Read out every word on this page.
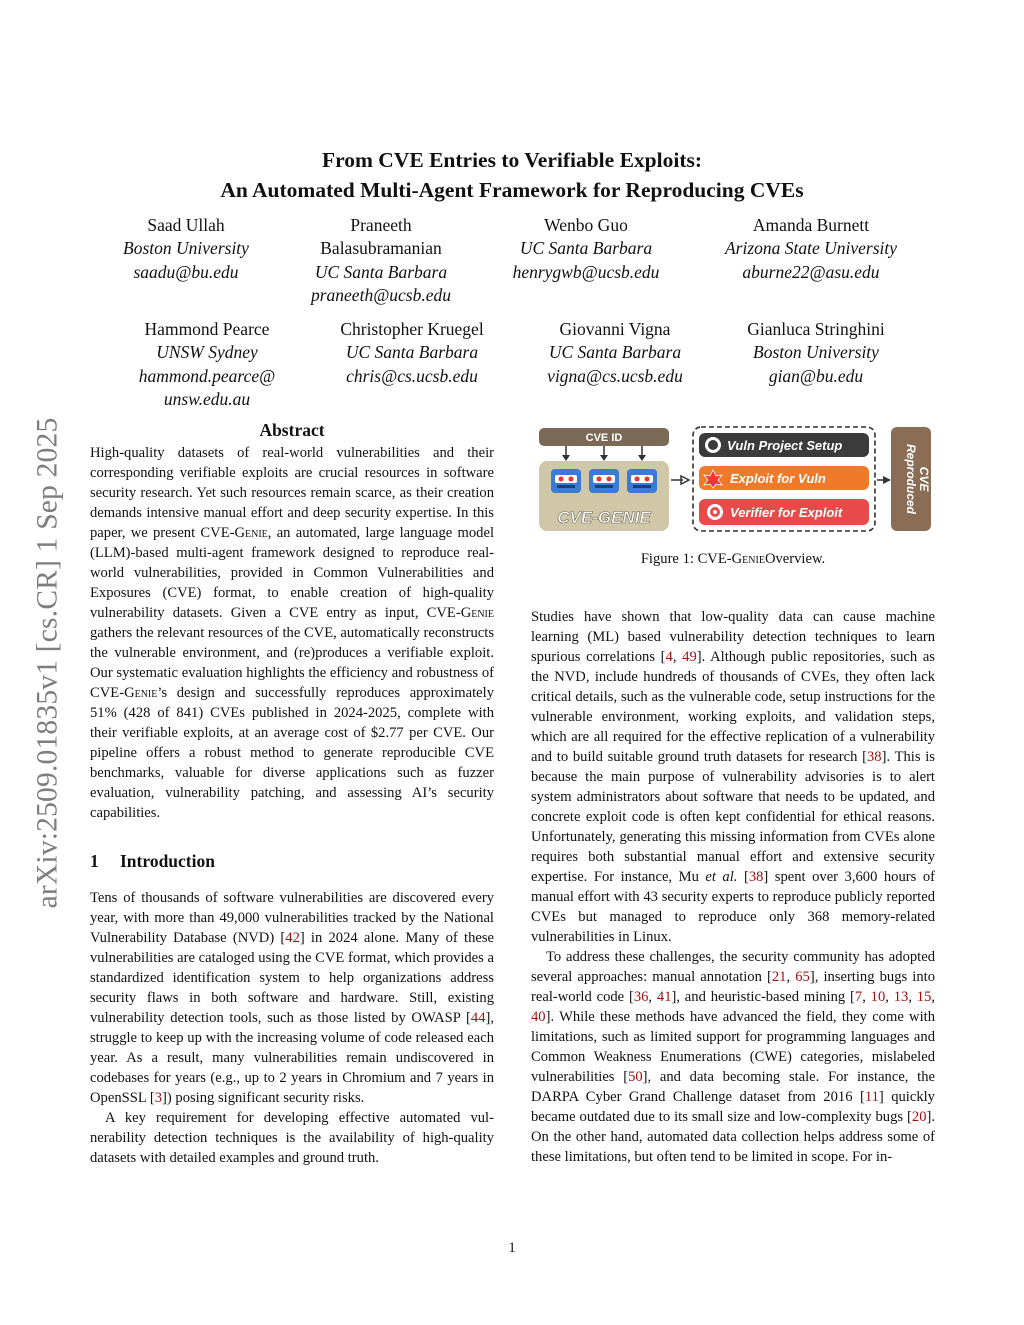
arXiv:2509.01835v1 [cs.CR] 1 Sep 2025
From CVE Entries to Verifiable Exploits:
An Automated Multi-Agent Framework for Reproducing CVEs
Saad Ullah
Boston University
saadu@bu.edu
Praneeth
Balasubramanian
UC Santa Barbara
praneeth@ucsb.edu
Wenbo Guo
UC Santa Barbara
henrygwb@ucsb.edu
Amanda Burnett
Arizona State University
aburne22@asu.edu
Hammond Pearce
UNSW Sydney
hammond.pearce@
unsw.edu.au
Christopher Kruegel
UC Santa Barbara
chris@cs.ucsb.edu
Giovanni Vigna
UC Santa Barbara
vigna@cs.ucsb.edu
Gianluca Stringhini
Boston University
gian@bu.edu
Abstract

High-quality datasets of real-world vulnerabilities and their corresponding verifiable exploits are crucial resources in software security research. Yet such resources remain scarce, as their creation demands intensive manual effort and deep security expertise. In this paper, we present CVE-Genie, an automated, large language model (LLM)-based multi-agent framework designed to reproduce real-world vulnerabilities, provided in Common Vulnerabilities and Exposures (CVE) format, to enable creation of high-quality vulnerability datasets. Given a CVE entry as input, CVE-Genie gathers the relevant resources of the CVE, automatically reconstructs the vulnerable environment, and (re)produces a verifiable exploit. Our systematic evaluation highlights the efficiency and robustness of CVE-Genie’s design and successfully reproduces approximately 51% (428 of 841) CVEs published in 2024-2025, complete with their verifiable exploits, at an average cost of $2.77 per CVE. Our pipeline offers a robust method to generate reproducible CVE benchmarks, valuable for diverse applications such as fuzzer evaluation, vulnerability patching, and assessing AI’s security capabilities.

1 Introduction

Tens of thousands of software vulnerabilities are discovered every year, with more than 49,000 vulnerabilities tracked by the National Vulnerability Database (NVD) [42] in 2024 alone. Many of these vulnerabilities are cataloged using the CVE format, which provides a standardized identification system to help organizations address security flaws in both software and hardware. Still, existing vulnerability detection tools, such as those listed by OWASP [44], struggle to keep up with the increasing volume of code released each year. As a result, many vulnerabilities remain undiscovered in codebases for years (e.g., up to 2 years in Chromium and 7 years in OpenSSL [3]) posing significant security risks.

A key requirement for developing effective automated vulnerability detection techniques is the availability of high-quality datasets with detailed examples and ground truth.

CVE ID
CVE-GENIE
Vuln Project Setup
Exploit for Vuln
Verifier for Exploit	Reproduced CVE
Figure 1: CVE-GenieOverview.

Studies have shown that low-quality data can cause machine learning (ML) based vulnerability detection techniques to learn spurious correlations [4, 49]. Although public repositories, such as the NVD, include hundreds of thousands of CVEs, they often lack critical details, such as the vulnerable code, setup instructions for the vulnerable environment, working exploits, and validation steps, which are all required for the effective replication of a vulnerability and to build suitable ground truth datasets for research [38]. This is because the main purpose of vulnerability advisories is to alert system administrators about software that needs to be updated, and concrete exploit code is often kept confidential for ethical reasons. Unfortunately, generating this missing information from CVEs alone requires both substantial manual effort and extensive security expertise. For instance, Mu et al. [38] spent over 3,600 hours of manual effort with 43 security experts to reproduce publicly reported CVEs but managed to reproduce only 368 memory-related vulnerabilities in Linux.

To address these challenges, the security community has adopted several approaches: manual annotation [21, 65], inserting bugs into real-world code [36, 41], and heuristic-based mining [7, 10, 13, 15, 40]. While these methods have advanced the field, they come with limitations, such as limited support for programming languages and Common Weakness Enumerations (CWE) categories, mislabeled vulnerabilities [50], and data becoming stale. For instance, the DARPA Cyber Grand Challenge dataset from 2016 [11] quickly became outdated due to its small size and low-complexity bugs [20]. On the other hand, automated data collection helps address some of these limitations, but often tend to be limited in scope. For in-

1
